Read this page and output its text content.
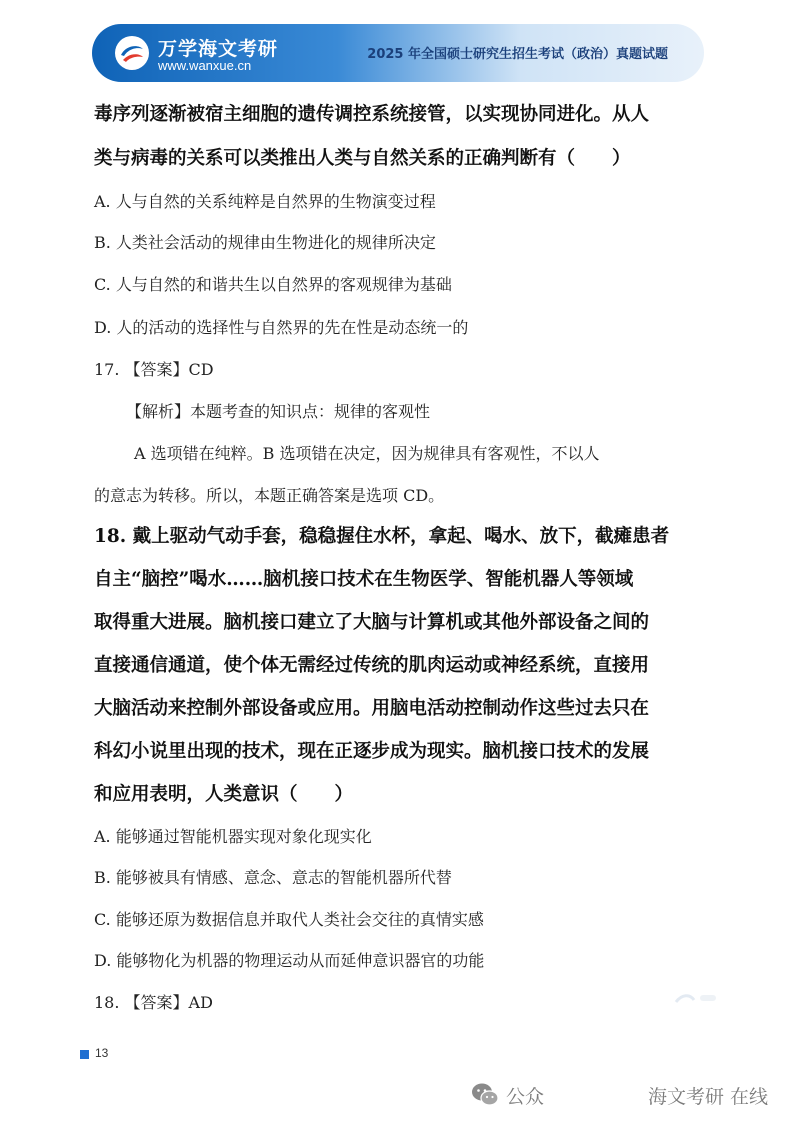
万学海文考研
www.wanxue.cn
2025 年全国硕士研究生招生考试（政治）真题试题
毒序列逐渐被宿主细胞的遗传调控系统接管，以实现协同进化。从人
类与病毒的关系可以类推出人类与自然关系的正确判断有（　　）
A. 人与自然的关系纯粹是自然界的生物演变过程
B. 人类社会活动的规律由生物进化的规律所决定
C. 人与自然的和谐共生以自然界的客观规律为基础
D. 人的活动的选择性与自然界的先在性是动态统一的
17. 【答案】CD
【解析】本题考查的知识点：规律的客观性
A 选项错在纯粹。B 选项错在决定，因为规律具有客观性，不以人
的意志为转移。所以，本题正确答案是选项 CD。
18. 戴上驱动气动手套，稳稳握住水杯，拿起、喝水、放下，截瘫患者
自主“脑控”喝水……脑机接口技术在生物医学、智能机器人等领域
取得重大进展。脑机接口建立了大脑与计算机或其他外部设备之间的
直接通信通道，使个体无需经过传统的肌肉运动或神经系统，直接用
大脑活动来控制外部设备或应用。用脑电活动控制动作这些过去只在
科幻小说里出现的技术，现在正逐步成为现实。脑机接口技术的发展
和应用表明，人类意识（　　）
A. 能够通过智能机器实现对象化现实化
B. 能够被具有情感、意念、意志的智能机器所代替
C. 能够还原为数据信息并取代人类社会交往的真情实感
D. 能够物化为机器的物理运动从而延伸意识器官的功能
18. 【答案】AD
13
公众	海文考研 在线
